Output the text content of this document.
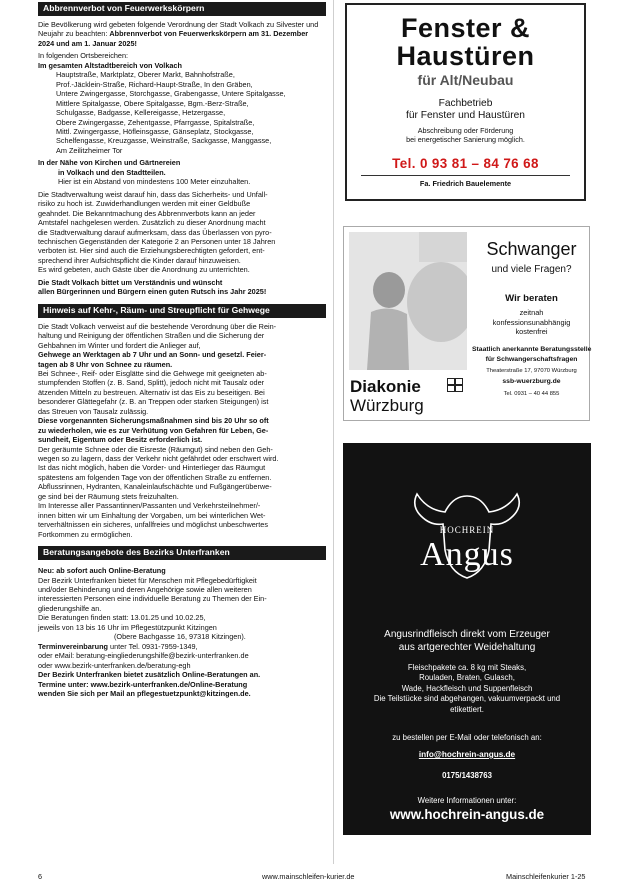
Abbrennverbot von Feuerwerkskörpern

Die Bevölkerung wird gebeten folgende Verordnung der Stadt Volkach zu Silvester und Neujahr zu beachten: Abbrennverbot von Feuerwerkskörpern am 31. Dezember 2024 und am 1. Januar 2025!

In folgenden Ortsbereichen:

Im gesamten Altstadtbereich von Volkach

Hauptstraße, Marktplatz, Oberer Markt, Bahnhofstraße,

Prof.-Jäcklein-Straße, Richard-Haupt-Straße, In den Gräben,

Untere Zwingergasse, Storchgasse, Grabengasse, Untere Spitalgasse,

Mittlere Spitalgasse, Obere Spitalgasse, Bgm.-Berz-Straße,

Schulgasse, Badgasse, Kellereigasse, Hetzergasse,

Obere Zwingergasse, Zehentgasse, Pfarrgasse, Spitalstraße,

Mittl. Zwingergasse, Höfleinsgasse, Gänseplatz, Stockgasse,

Schelfengasse, Kreuzgasse, Weinstraße, Sackgasse, Manggasse,

Am Zeilitzheimer Tor

In der Nähe von Kirchen und Gärtnereien

in Volkach und den Stadtteilen.

Hier ist ein Abstand von mindestens 100 Meter einzuhalten.

Die Stadtverwaltung weist darauf hin, dass das Sicherheits- und Unfall-

risiko zu hoch ist. Zuwiderhandlungen werden mit einer Geldbuße

geahndet. Die Bekanntmachung des Abbrennverbots kann an jeder

Amtstafel nachgelesen werden. Zusätzlich zu dieser Anordnung macht

die Stadtverwaltung darauf aufmerksam, dass das Überlassen von pyro-

technischen Gegenständen der Kategorie 2 an Personen unter 18 Jahren

verboten ist. Hier sind auch die Erziehungsberechtigten gefordert, ent-

sprechend ihrer Aufsichtspflicht die Kinder darauf hinzuweisen.

Es wird gebeten, auch Gäste über die Anordnung zu unterrichten.

Die Stadt Volkach bittet um Verständnis und wünscht

allen Bürgerinnen und Bürgern einen guten Rutsch ins Jahr 2025!

Hinweis auf Kehr-, Räum- und Streupflicht für Gehwege

Die Stadt Volkach verweist auf die bestehende Verordnung über die Rein-

haltung und Reinigung der öffentlichen Straßen und die Sicherung der

Gehbahnen im Winter und fordert die Anlieger auf,

Gehwege an Werktagen ab 7 Uhr und an Sonn- und gesetzl. Feier-

tagen ab 8 Uhr von Schnee zu räumen.

Bei Schnee-, Reif- oder Eisglätte sind die Gehwege mit geeigneten ab-

stumpfenden Stoffen (z. B. Sand, Splitt), jedoch nicht mit Tausalz oder

ätzenden Mitteln zu bestreuen. Alternativ ist das Eis zu beseitigen. Bei

besonderer Glättegefahr (z. B. an Treppen oder starken Steigungen) ist

das Streuen von Tausalz zulässig.

Diese vorgenannten Sicherungsmaßnahmen sind bis 20 Uhr so oft

zu wiederholen, wie es zur Verhütung von Gefahren für Leben, Ge-

sundheit, Eigentum oder Besitz erforderlich ist.

Der geräumte Schnee oder die Eisreste (Räumgut) sind neben den Geh-

wegen so zu lagern, dass der Verkehr nicht gefährdet oder erschwert wird.

Ist das nicht möglich, haben die Vorder- und Hinterlieger das Räumgut

spätestens am folgenden Tage von der öffentlichen Straße zu entfernen.

Abflussrinnen, Hydranten, Kanaleinlaufschächte und Fußgängerüberwe-

ge sind bei der Räumung stets freizuhalten.

Im Interesse aller Passantinnen/Passanten und Verkehrsteilnehmer/-

innen bitten wir um Einhaltung der Vorgaben, um bei winterlichen Wet-

terverhältnissen ein sicheres, unfallfreies und möglichst unbeschwertes

Fortkommen zu ermöglichen.

Beratungsangebote des Bezirks Unterfranken

Neu: ab sofort auch Online-Beratung

Der Bezirk Unterfranken bietet für Menschen mit Pflegebedürftigkeit

und/oder Behinderung und deren Angehörige sowie allen weiteren

interessierten Personen eine individuelle Beratung zu Themen der Ein-

gliederungshilfe an.

Die Beratungen finden statt: 13.01.25 und 10.02.25,

jeweils von 13 bis 16 Uhr im Pflegestützpunkt Kitzingen

(Obere Bachgasse 16, 97318 Kitzingen).

Terminvereinbarung unter Tel. 0931-7959-1349,

oder eMail: beratung-eingliederungshilfe@bezirk-unterfranken.de

oder www.bezirk-unterfranken.de/beratung-egh

Der Bezirk Unterfranken bietet zusätzlich Online-Beratungen an.

Termine unter: www.bezirk-unterfranken.de/Online-Beratung

wenden Sie sich per Mail an pflegestuetzpunkt@kitzingen.de.

Fenster &
Haustüren
für Alt/Neubau
Fachbetrieb
für Fenster und Haustüren
Abschreibung oder Förderung
bei energetischer Sanierung möglich.
Tel. 0 93 81 – 84 76 68
Fa. Friedrich Bauelemente
Schwanger
und viele Fragen?
Wir beraten
zeitnah
konfessionsunabhängig
kostenfrei
Staatlich anerkannte Beratungsstelle
für Schwangerschaftsfragen
Theaterstraße 17, 97070 Würzburg
ssb-wuerzburg.de
Tel. 0931 – 40 44 855
Diakonie
Würzburg
HOCHREIN
Angus
Angusrindfleisch direkt vom Erzeuger
aus artgerechter Weidehaltung
Fleischpakete ca. 8 kg mit Steaks,
Rouladen, Braten, Gulasch,
Wade, Hackfleisch und Suppenfleisch
Die Teilstücke sind abgehangen, vakuumverpackt und
etikettiert.
zu bestellen per E-Mail oder telefonisch an:
info@hochrein-angus.de
0175/1438763
Weitere Informationen unter:
www.hochrein-angus.de
6	www.mainschleifen-kurier.de	Mainschleifenkurier 1-25
